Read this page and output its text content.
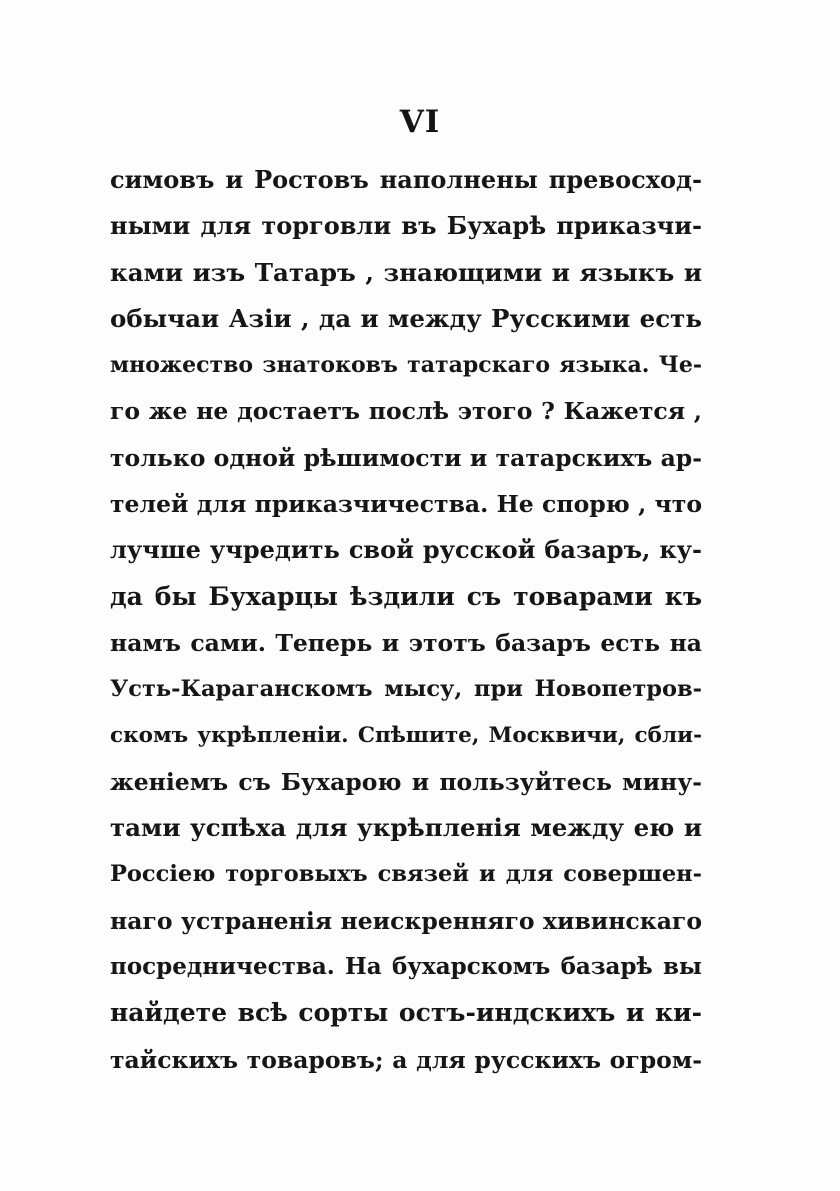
VI
симовъ и Ростовъ наполнены превосход-
ными для торговли въ Бухарѣ приказчи-
ками изъ Татаръ , знающими и языкъ и
обычаи Азіи , да и между Русскими есть
множество знатоковъ татарскаго языка. Че-
го же не достаетъ послѣ этого ? Кажется ,
только одной рѣшимости и татарскихъ ар-
телей для приказчичества. Не спорю , что
лучше учредить свой русской базаръ, ку-
да бы Бухарцы ѣздили съ товарами къ
намъ сами. Теперь и этотъ базаръ есть на
Усть-Караганскомъ мысу, при Новопетров-
скомъ укрѣпленіи. Спѣшите, Москвичи, сбли-
женіемъ съ Бухарою и пользуйтесь мину-
тами успѣха для укрѣпленія между ею и
Россіею торговыхъ связей и для совершен-
наго устраненія неискренняго хивинскаго
посредничества. На бухарскомъ базарѣ вы
найдете всѣ сорты остъ-индскихъ и ки-
тайскихъ товаровъ; а для русскихъ огром-
